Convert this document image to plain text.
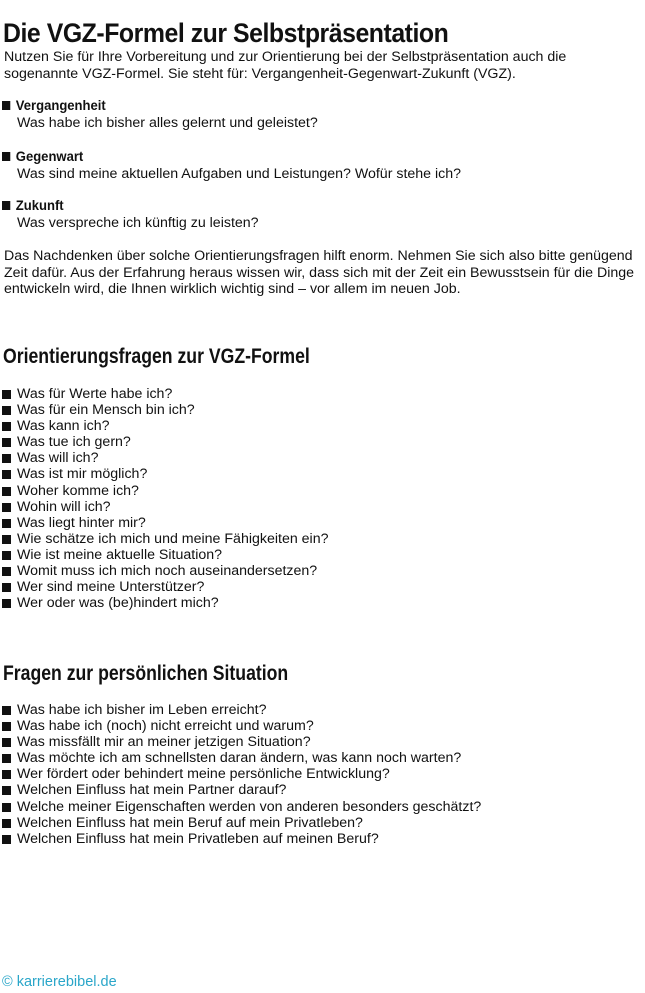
Die VGZ-Formel zur Selbstpräsentation

Nutzen Sie für Ihre Vorbereitung und zur Orientierung bei der Selbstpräsentation auch die sogenannte VGZ-Formel. Sie steht für: Vergangenheit-Gegenwart-Zukunft (VGZ).

Vergangenheit
Was habe ich bisher alles gelernt und geleistet?
Gegenwart
Was sind meine aktuellen Aufgaben und Leistungen? Wofür stehe ich?
Zukunft
Was verspreche ich künftig zu leisten?

Das Nachdenken über solche Orientierungsfragen hilft enorm. Nehmen Sie sich also bitte genügend Zeit dafür. Aus der Erfahrung heraus wissen wir, dass sich mit der Zeit ein Bewusstsein für die Dinge entwickeln wird, die Ihnen wirklich wichtig sind – vor allem im neuen Job.

Orientierungsfragen zur VGZ-Formel
Was für Werte habe ich?
Was für ein Mensch bin ich?
Was kann ich?
Was tue ich gern?
Was will ich?
Was ist mir möglich?
Woher komme ich?
Wohin will ich?
Was liegt hinter mir?
Wie schätze ich mich und meine Fähigkeiten ein?
Wie ist meine aktuelle Situation?
Womit muss ich mich noch auseinandersetzen?
Wer sind meine Unterstützer?
Wer oder was (be)hindert mich?
Fragen zur persönlichen Situation
Was habe ich bisher im Leben erreicht?
Was habe ich (noch) nicht erreicht und warum?
Was missfällt mir an meiner jetzigen Situation?
Was möchte ich am schnellsten daran ändern, was kann noch warten?
Wer fördert oder behindert meine persönliche Entwicklung?
Welchen Einfluss hat mein Partner darauf?
Welche meiner Eigenschaften werden von anderen besonders geschätzt?
Welchen Einfluss hat mein Beruf auf mein Privatleben?
Welchen Einfluss hat mein Privatleben auf meinen Beruf?
© karrierebibel.de
